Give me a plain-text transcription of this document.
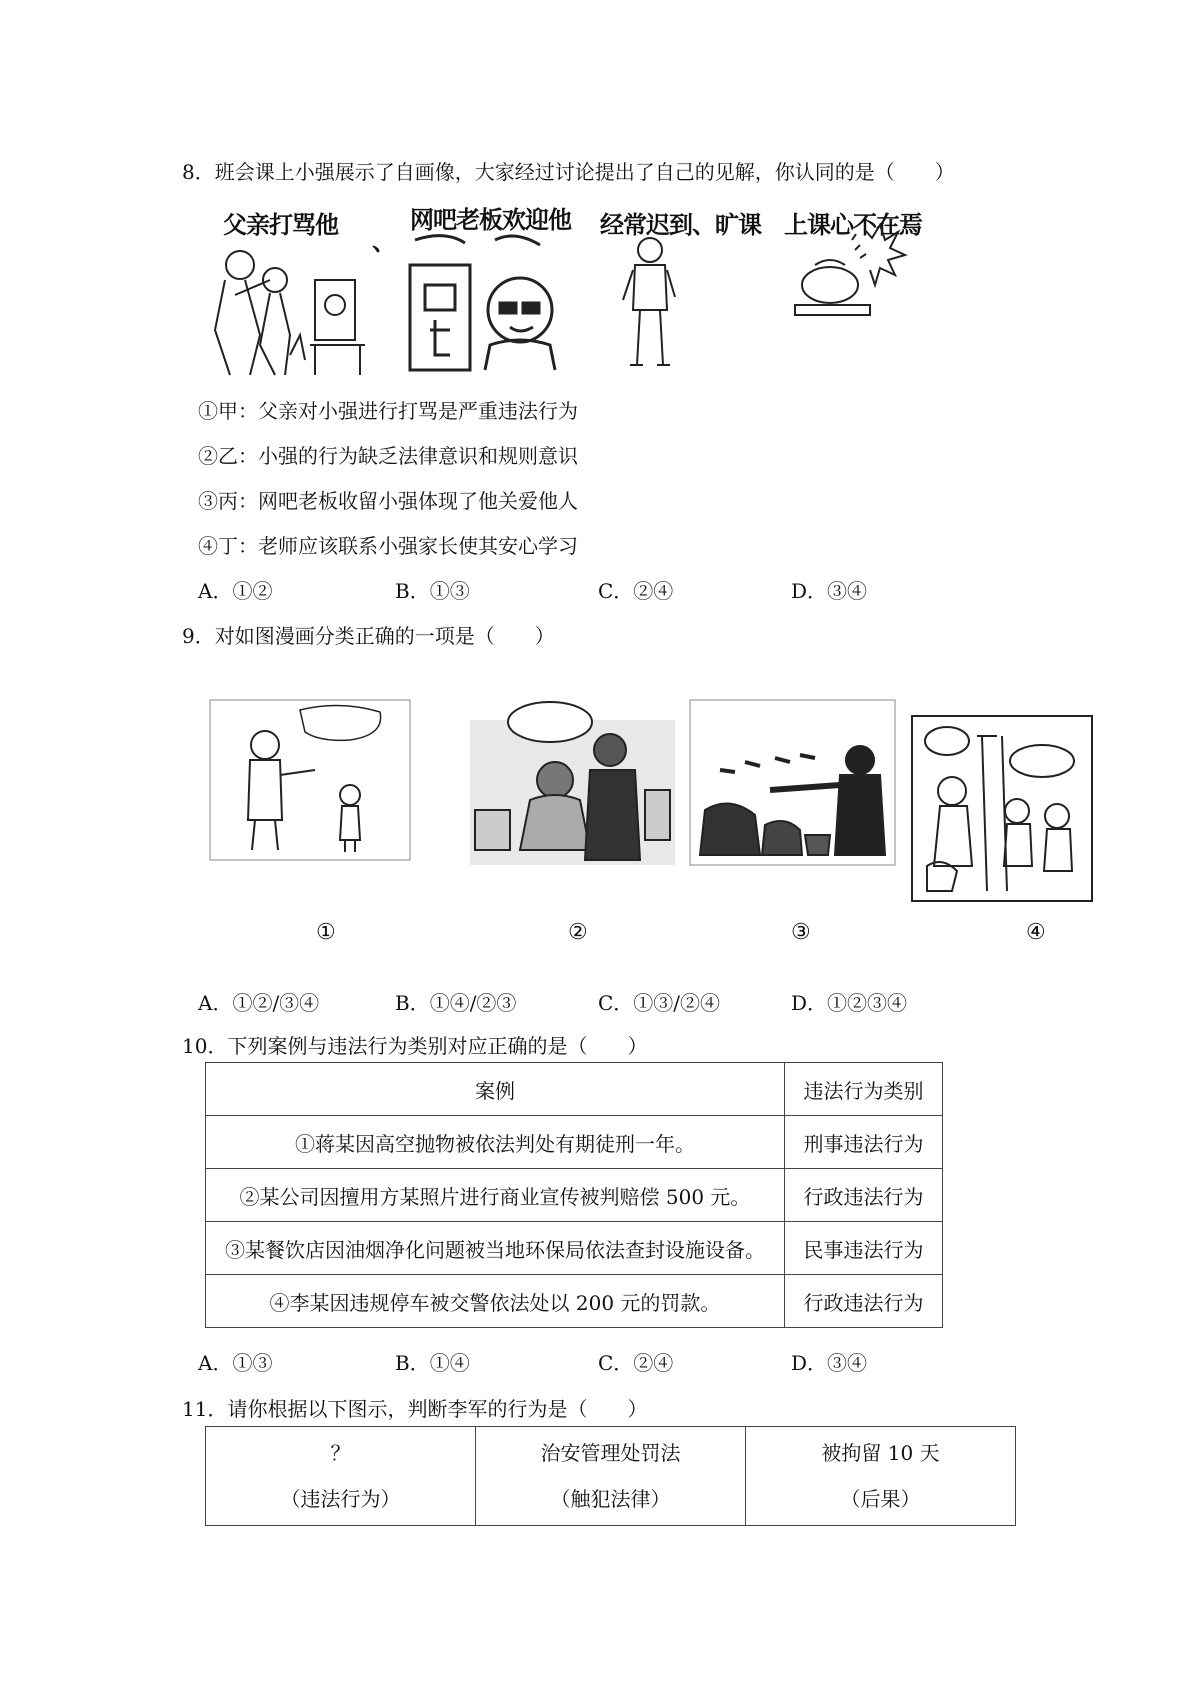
8．班会课上小强展示了自画像，大家经过讨论提出了自己的见解，你认同的是（　　）
父亲打骂他
、
网吧老板欢迎他 经常迟到、旷课 上课心不在焉
①甲：父亲对小强进行打骂是严重违法行为
②乙：小强的行为缺乏法律意识和规则意识
③丙：网吧老板收留小强体现了他关爱他人
④丁：老师应该联系小强家长使其安心学习
A．①②	B．①③	C．②④	D．③④
9．对如图漫画分类正确的一项是（　　）
①	②	③	④
A．①②/③④	B．①④/②③	C．①③/②④	D．①②③④
10．下列案例与违法行为类别对应正确的是（　　）
案例	违法行为类别
①蒋某因高空抛物被依法判处有期徒刑一年。	刑事违法行为
②某公司因擅用方某照片进行商业宣传被判赔偿 500 元。	行政违法行为
③某餐饮店因油烟净化问题被当地环保局依法查封设施设备。	民事违法行为
④李某因违规停车被交警依法处以 200 元的罚款。	行政违法行为
A．①③	B．①④	C．②④	D．③④
11．请你根据以下图示，判断李军的行为是（　　）
？
（违法行为）

治安管理处罚法
（触犯法律）

被拘留 10 天
（后果）
